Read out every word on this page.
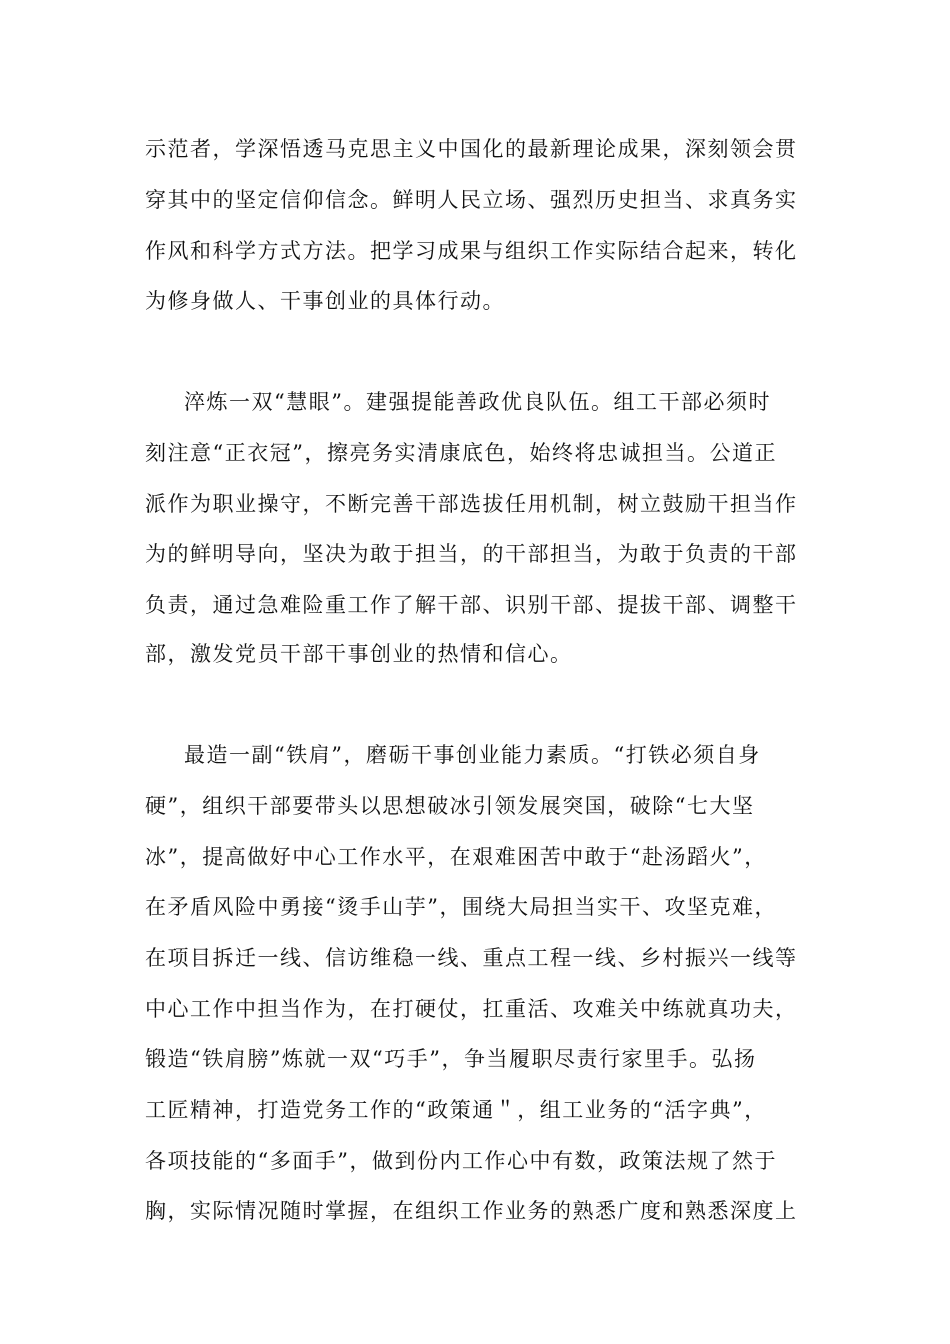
示范者，学深悟透马克思主义中国化的最新理论成果，深刻领会贯
穿其中的坚定信仰信念。鲜明人民立场、强烈历史担当、求真务实
作风和科学方式方法。把学习成果与组织工作实际结合起来，转化
为修身做人、干事创业的具体行动。
淬炼一双“慧眼”。建强提能善政优良队伍。组工干部必须时
刻注意“正衣冠”，擦亮务实清康底色，始终将忠诚担当。公道正
派作为职业操守，不断完善干部选拔任用机制，树立鼓励干担当作
为的鲜明导向，坚决为敢于担当，的干部担当，为敢于负责的干部
负责，通过急难险重工作了解干部、识别干部、提拔干部、调整干
部，激发党员干部干事创业的热情和信心。
最造一副“铁肩”，磨砺干事创业能力素质。“打铁必须自身
硬”，组织干部要带头以思想破冰引领发展突国，破除“七大坚
冰”，提高做好中心工作水平，在艰难困苦中敢于“赴汤蹈火”，
在矛盾风险中勇接“烫手山芋”，围绕大局担当实干、攻坚克难，
在项目拆迁一线、信访维稳一线、重点工程一线、乡村振兴一线等
中心工作中担当作为，在打硬仗，扛重活、攻难关中练就真功夫，
锻造“铁肩膀”炼就一双“巧手”，争当履职尽责行家里手。弘扬
工匠精神，打造党务工作的“政策通＂，组工业务的“活字典”，
各项技能的“多面手”，做到份内工作心中有数，政策法规了然于
胸，实际情况随时掌握，在组织工作业务的熟悉广度和熟悉深度上
